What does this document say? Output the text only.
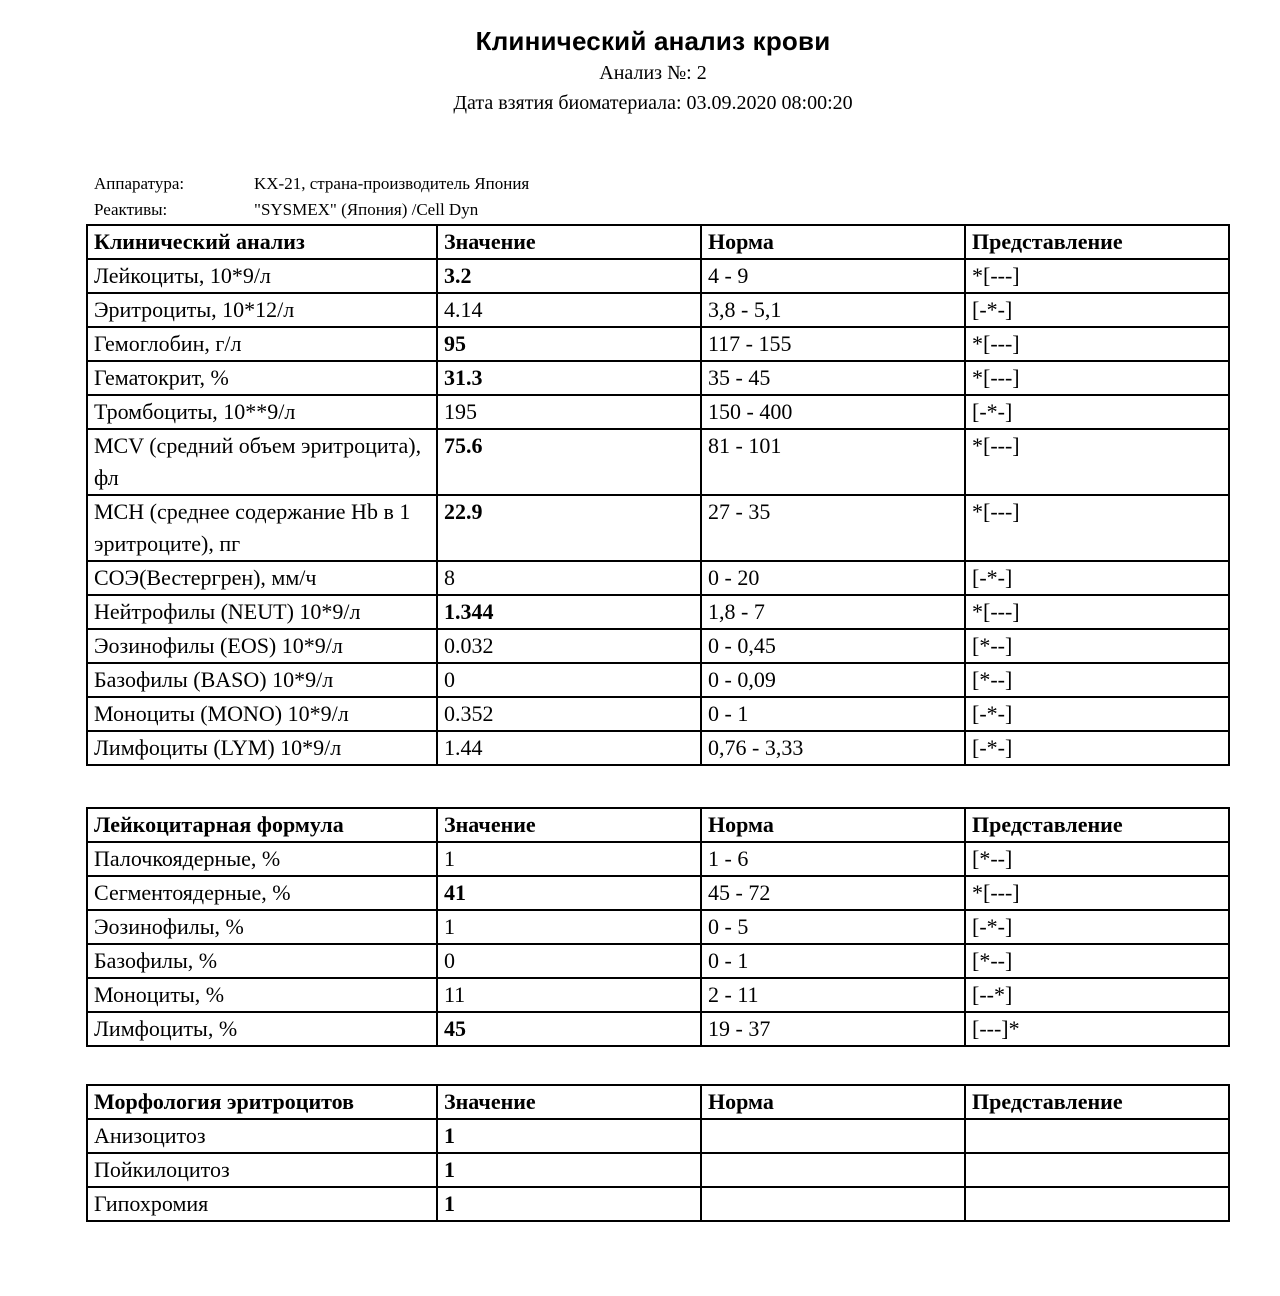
Клинический анализ крови
Анализ №: 2
Дата взятия биоматериала: 03.09.2020 08:00:20
Аппаратура:	KX-21, страна-производитель Япония
Реактивы:	"SYSMEX" (Япония) /Cell Dyn
Клинический анализ	Значение	Норма	Представление
Лейкоциты, 10*9/л	3.2	4 - 9	*[---]
Эритроциты, 10*12/л	4.14	3,8 - 5,1	[-*-]
Гемоглобин, г/л	95	117 - 155	*[---]
Гематокрит, %	31.3	35 - 45	*[---]
Тромбоциты, 10**9/л	195	150 - 400	[-*-]
MCV (средний объем эритроцита), фл	75.6	81 - 101	*[---]
MCH (среднее содержание Hb в 1 эритроците), пг	22.9	27 - 35	*[---]
СОЭ(Вестергрен), мм/ч	8	0 - 20	[-*-]
Нейтрофилы (NEUT) 10*9/л	1.344	1,8 - 7	*[---]
Эозинофилы (EOS) 10*9/л	0.032	0 - 0,45	[*--]
Базофилы (BASO) 10*9/л	0	0 - 0,09	[*--]
Моноциты (MONO) 10*9/л	0.352	0 - 1	[-*-]
Лимфоциты (LYM) 10*9/л	1.44	0,76 - 3,33	[-*-]
Лейкоцитарная формула	Значение	Норма	Представление
Палочкоядерные, %	1	1 - 6	[*--]
Сегментоядерные, %	41	45 - 72	*[---]
Эозинофилы, %	1	0 - 5	[-*-]
Базофилы, %	0	0 - 1	[*--]
Моноциты, %	11	2 - 11	[--*]
Лимфоциты, %	45	19 - 37	[---]*
Морфология эритроцитов	Значение	Норма	Представление
Анизоцитоз	1		
Пойкилоцитоз	1		
Гипохромия	1		
